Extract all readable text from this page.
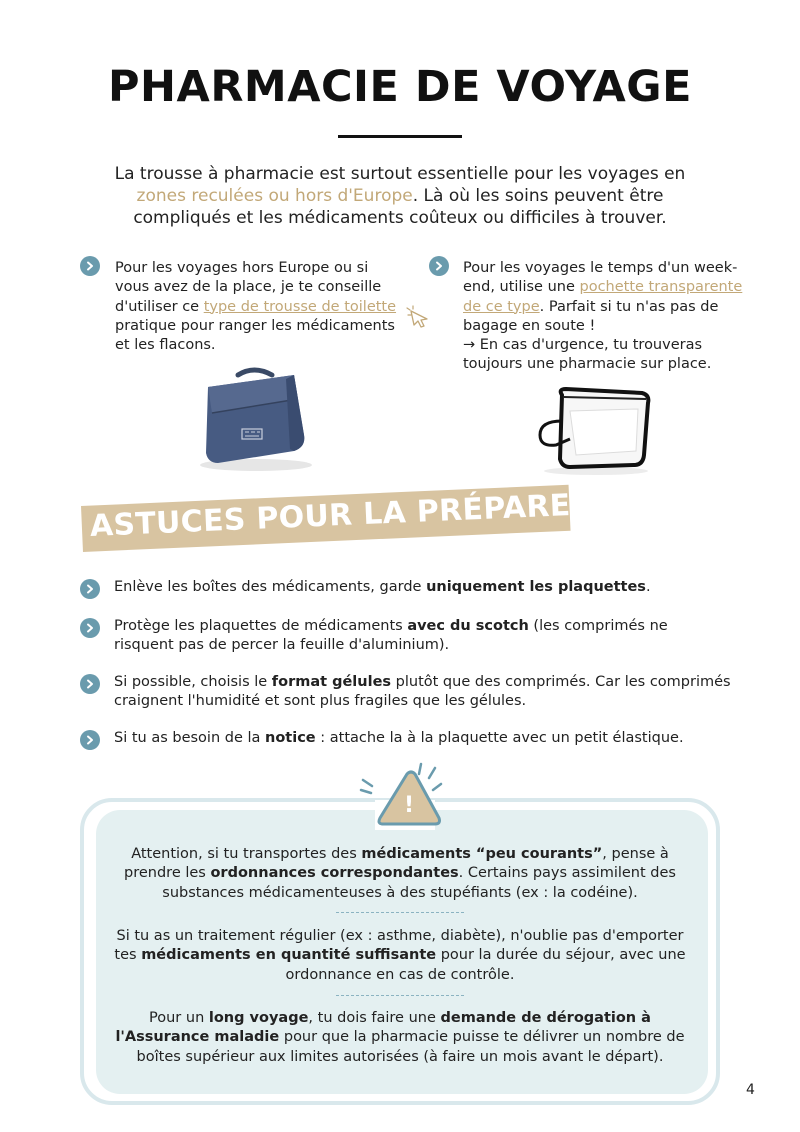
PHARMACIE DE VOYAGE
La trousse à pharmacie est surtout essentielle pour les voyages en
zones reculées ou hors d'Europe. Là où les soins peuvent être
compliqués et les médicaments coûteux ou difficiles à trouver.
Pour les voyages hors Europe ou si
vous avez de la place, je te conseille
d'utiliser ce type de trousse de toilette
pratique pour ranger les médicaments
et les flacons.
Pour les voyages le temps d'un week-
end, utilise une pochette transparente
de ce type. Parfait si tu n'as pas de
bagage en soute !
→ En cas d'urgence, tu trouveras
toujours une pharmacie sur place.
ASTUCES POUR LA PRÉPARER
Enlève les boîtes des médicaments, garde uniquement les plaquettes.
Protège les plaquettes de médicaments avec du scotch (les comprimés ne
risquent pas de percer la feuille d'aluminium).
Si possible, choisis le format gélules plutôt que des comprimés. Car les comprimés
craignent l'humidité et sont plus fragiles que les gélules.
Si tu as besoin de la notice : attache la à la plaquette avec un petit élastique.
!
Attention, si tu transportes des médicaments “peu courants”, pense à
prendre les ordonnances correspondantes. Certains pays assimilent des
substances médicamenteuses à des stupéfiants (ex : la codéine).
Si tu as un traitement régulier (ex : asthme, diabète), n'oublie pas d'emporter
tes médicaments en quantité suffisante pour la durée du séjour, avec une
ordonnance en cas de contrôle.
Pour un long voyage, tu dois faire une demande de dérogation à
l'Assurance maladie pour que la pharmacie puisse te délivrer un nombre de
boîtes supérieur aux limites autorisées (à faire un mois avant le départ).
4
